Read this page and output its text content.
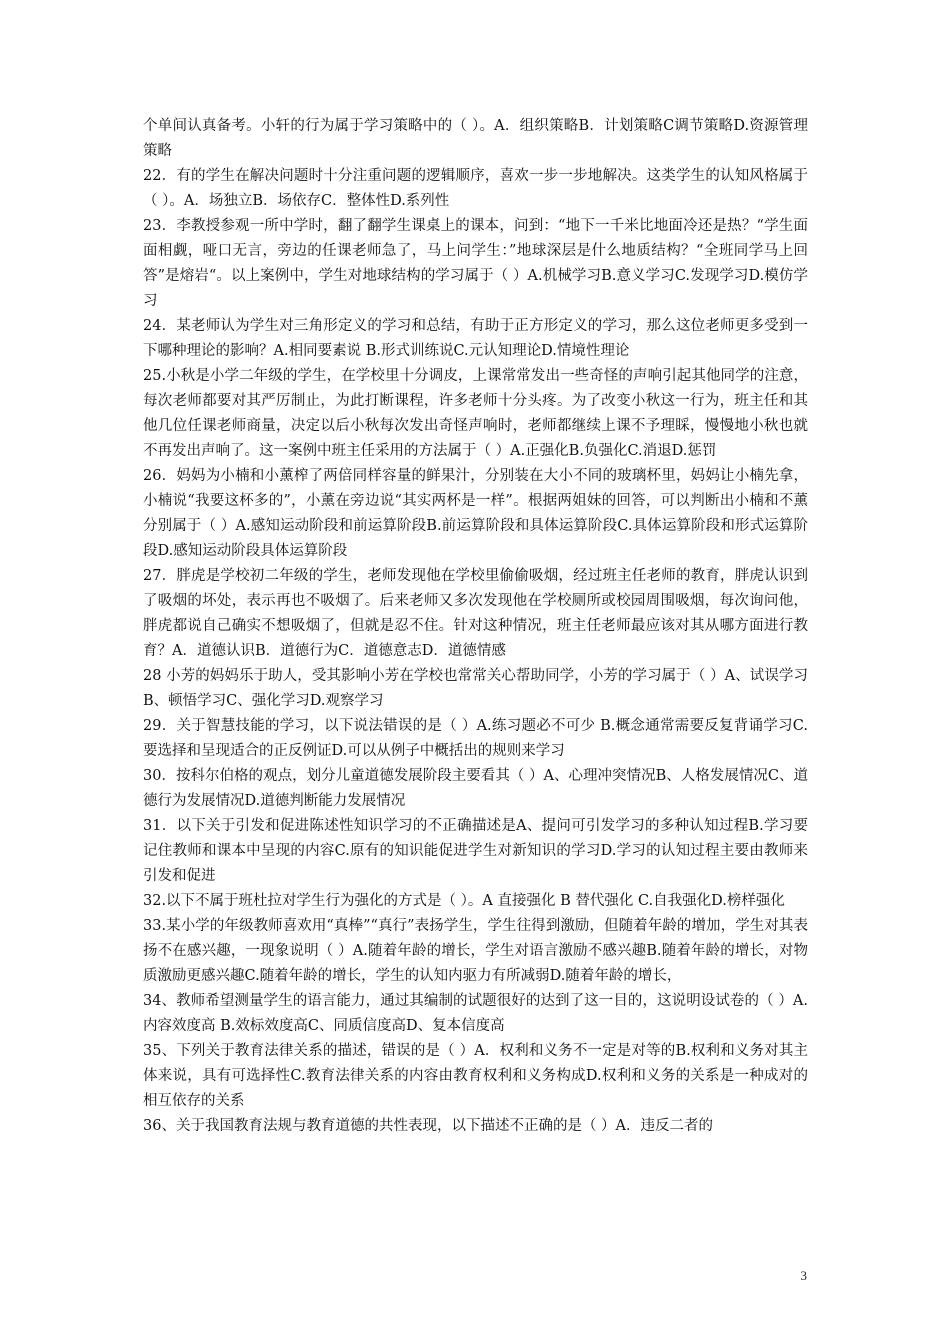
个单间认真备考。小轩的行为属于学习策略中的（ ）。A．组织策略B．计划策略C调节策略D.资源管理策略

22．有的学生在解决问题时十分注重问题的逻辑顺序，喜欢一步一步地解决。这类学生的认知风格属于（ ）。A．场独立B．场依存C．整体性D.系列性

23．李教授参观一所中学时，翻了翻学生课桌上的课本，问到：“地下一千米比地面冷还是热？“学生面面相觑，哑口无言，旁边的任课老师急了，马上问学生：”地球深层是什么地质结构？“全班同学马上回答”是熔岩“。以上案例中，学生对地球结构的学习属于（ ）A.机械学习B.意义学习C.发现学习D.模仿学习

24．某老师认为学生对三角形定义的学习和总结，有助于正方形定义的学习，那么这位老师更多受到一下哪种理论的影响？A.相同要素说 B.形式训练说C.元认知理论D.情境性理论

25.小秋是小学二年级的学生，在学校里十分调皮，上课常常发出一些奇怪的声响引起其他同学的注意，每次老师都要对其严厉制止，为此打断课程，许多老师十分头疼。为了改变小秋这一行为，班主任和其他几位任课老师商量，决定以后小秋每次发出奇怪声响时，老师都继续上课不予理睬，慢慢地小秋也就不再发出声响了。这一案例中班主任采用的方法属于（ ）A.正强化B.负强化C.消退D.惩罚

26．妈妈为小楠和小薰榨了两倍同样容量的鲜果汁，分别装在大小不同的玻璃杯里，妈妈让小楠先拿，小楠说“我要这杯多的”，小薰在旁边说“其实两杯是一样”。根据两姐妹的回答，可以判断出小楠和不薰分别属于（ ）A.感知运动阶段和前运算阶段B.前运算阶段和具体运算阶段C.具体运算阶段和形式运算阶段D.感知运动阶段具体运算阶段

27．胖虎是学校初二年级的学生，老师发现他在学校里偷偷吸烟，经过班主任老师的教育，胖虎认识到了吸烟的坏处，表示再也不吸烟了。后来老师又多次发现他在学校厕所或校园周围吸烟，每次询问他，胖虎都说自己确实不想吸烟了，但就是忍不住。针对这种情况，班主任老师最应该对其从哪方面进行教育？A．道德认识B．道德行为C．道德意志D．道德情感

28 小芳的妈妈乐于助人，受其影响小芳在学校也常常关心帮助同学，小芳的学习属于（ ）A、试误学习B、顿悟学习C、强化学习D.观察学习

29．关于智慧技能的学习，以下说法错误的是（ ）A.练习题必不可少 B.概念通常需要反复背诵学习C.要选择和呈现适合的正反例证D.可以从例子中概括出的规则来学习

30．按科尔伯格的观点，划分儿童道德发展阶段主要看其（ ）A、心理冲突情况B、人格发展情况C、道德行为发展情况D.道德判断能力发展情况

31．以下关于引发和促进陈述性知识学习的不正确描述是A、提问可引发学习的多种认知过程B.学习要记住教师和课本中呈现的内容C.原有的知识能促进学生对新知识的学习D.学习的认知过程主要由教师来引发和促进

32.以下不属于班杜拉对学生行为强化的方式是（ ）。A 直接强化 B 替代强化 C.自我强化D.榜样强化

33.某小学的年级教师喜欢用“真棒”“真行”表扬学生，学生往得到激励，但随着年龄的增加，学生对其表扬不在感兴趣，一现象说明（ ）A.随着年龄的增长，学生对语言激励不感兴趣B.随着年龄的增长，对物质激励更感兴趣C.随着年龄的增长，学生的认知内驱力有所减弱D.随着年龄的增长，

34、教师希望测量学生的语言能力，通过其编制的试题很好的达到了这一目的，这说明设试卷的（ ）A.内容效度高 B.效标效度高C、同质信度高D、复本信度高

35、下列关于教育法律关系的描述，错误的是（ ）A．权利和义务不一定是对等的B.权利和义务对其主体来说，具有可选择性C.教育法律关系的内容由教育权利和义务构成D.权利和义务的关系是一种成对的相互依存的关系

36、关于我国教育法规与教育道德的共性表现，以下描述不正确的是（ ）A．违反二者的

3
